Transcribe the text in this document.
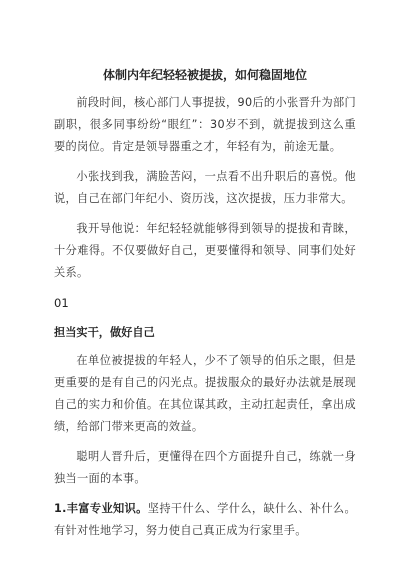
体制内年纪轻轻被提拔，如何稳固地位

前段时间，核心部门人事提拔，90后的小张晋升为部门副职，很多同事纷纷“眼红”：30岁不到，就提拔到这么重要的岗位。肯定是领导器重之才，年轻有为，前途无量。

小张找到我，满脸苦闷，一点看不出升职后的喜悦。他说，自己在部门年纪小、资历浅，这次提拔，压力非常大。

我开导他说：年纪轻轻就能够得到领导的提拔和青睐，十分难得。不仅要做好自己，更要懂得和领导、同事们处好关系。

01
担当实干，做好自己

在单位被提拔的年轻人，少不了领导的伯乐之眼，但是更重要的是有自己的闪光点。提拔服众的最好办法就是展现自己的实力和价值。在其位谋其政，主动扛起责任，拿出成绩，给部门带来更高的效益。

聪明人晋升后，更懂得在四个方面提升自己，练就一身独当一面的本事。

1.丰富专业知识。坚持干什么、学什么，缺什么、补什么。有针对性地学习，努力使自己真正成为行家里手。
